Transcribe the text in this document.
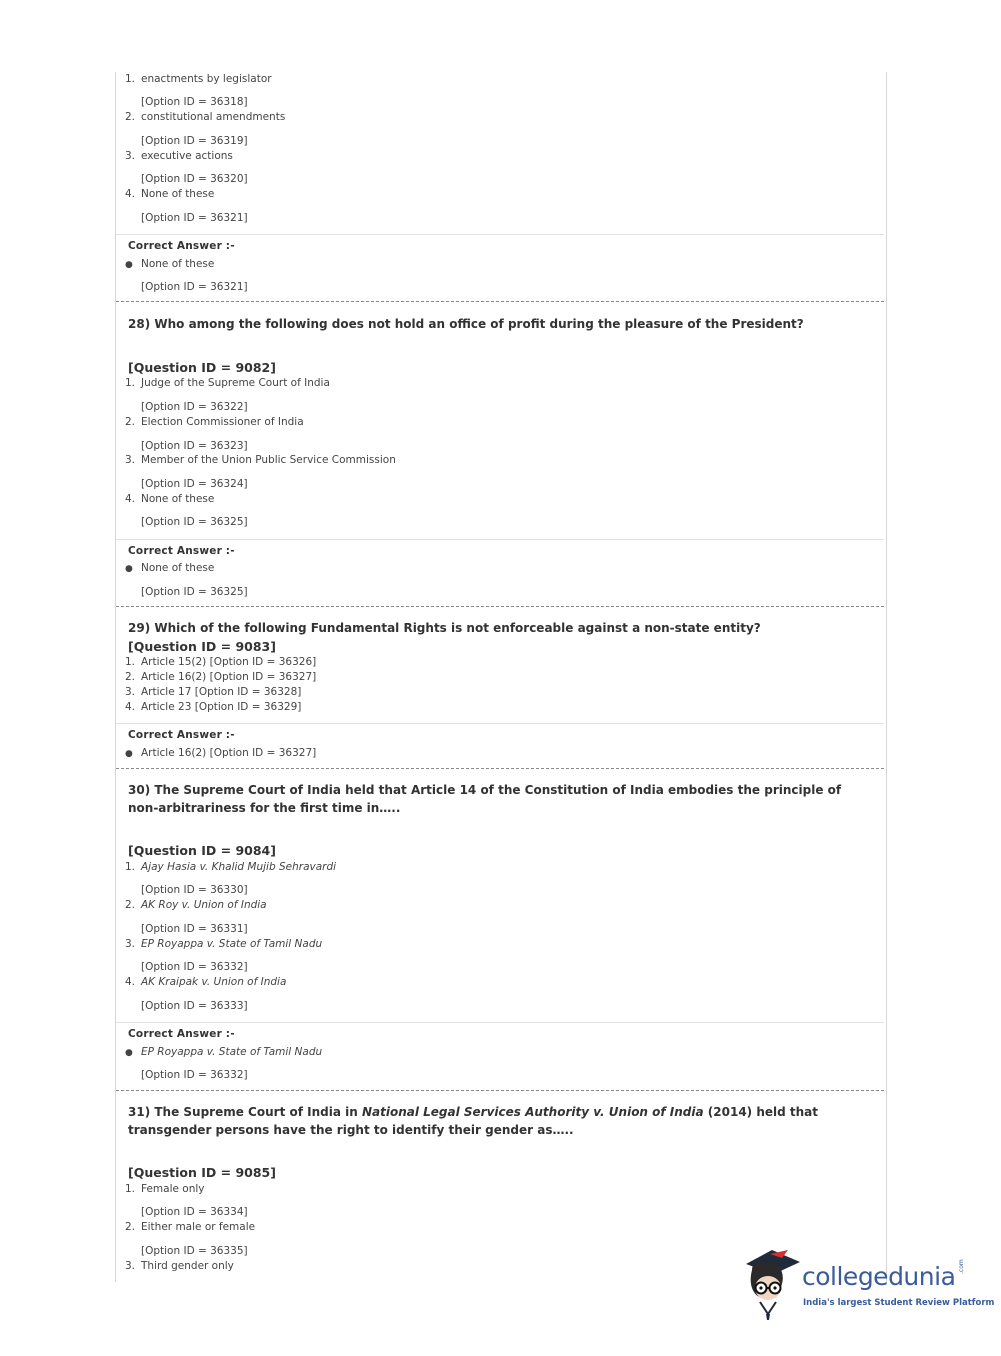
1. enactments by legislator
[Option ID = 36318]
2. constitutional amendments
[Option ID = 36319]
3. executive actions
[Option ID = 36320]
4. None of these
[Option ID = 36321]
Correct Answer :-
● None of these
[Option ID = 36321]
28) Who among the following does not hold an office of profit during the pleasure of the President?
[Question ID = 9082]
1. Judge of the Supreme Court of India
[Option ID = 36322]
2. Election Commissioner of India
[Option ID = 36323]
3. Member of the Union Public Service Commission
[Option ID = 36324]
4. None of these
[Option ID = 36325]
Correct Answer :-
● None of these
[Option ID = 36325]
29) Which of the following Fundamental Rights is not enforceable against a non-state entity?
[Question ID = 9083]
1. Article 15(2) [Option ID = 36326]
2. Article 16(2) [Option ID = 36327]
3. Article 17 [Option ID = 36328]
4. Article 23 [Option ID = 36329]
Correct Answer :-
● Article 16(2) [Option ID = 36327]
30) The Supreme Court of India held that Article 14 of the Constitution of India embodies the principle of non-arbitrariness for the first time in…..
[Question ID = 9084]
1. Ajay Hasia v. Khalid Mujib Sehravardi
[Option ID = 36330]
2. AK Roy v. Union of India
[Option ID = 36331]
3. EP Royappa v. State of Tamil Nadu
[Option ID = 36332]
4. AK Kraipak v. Union of India
[Option ID = 36333]
Correct Answer :-
● EP Royappa v. State of Tamil Nadu
[Option ID = 36332]
31) The Supreme Court of India in National Legal Services Authority v. Union of India (2014) held that transgender persons have the right to identify their gender as…..
[Question ID = 9085]
1. Female only
[Option ID = 36334]
2. Either male or female
[Option ID = 36335]
3. Third gender only	collegedunia .com
India's largest Student Review Platform
